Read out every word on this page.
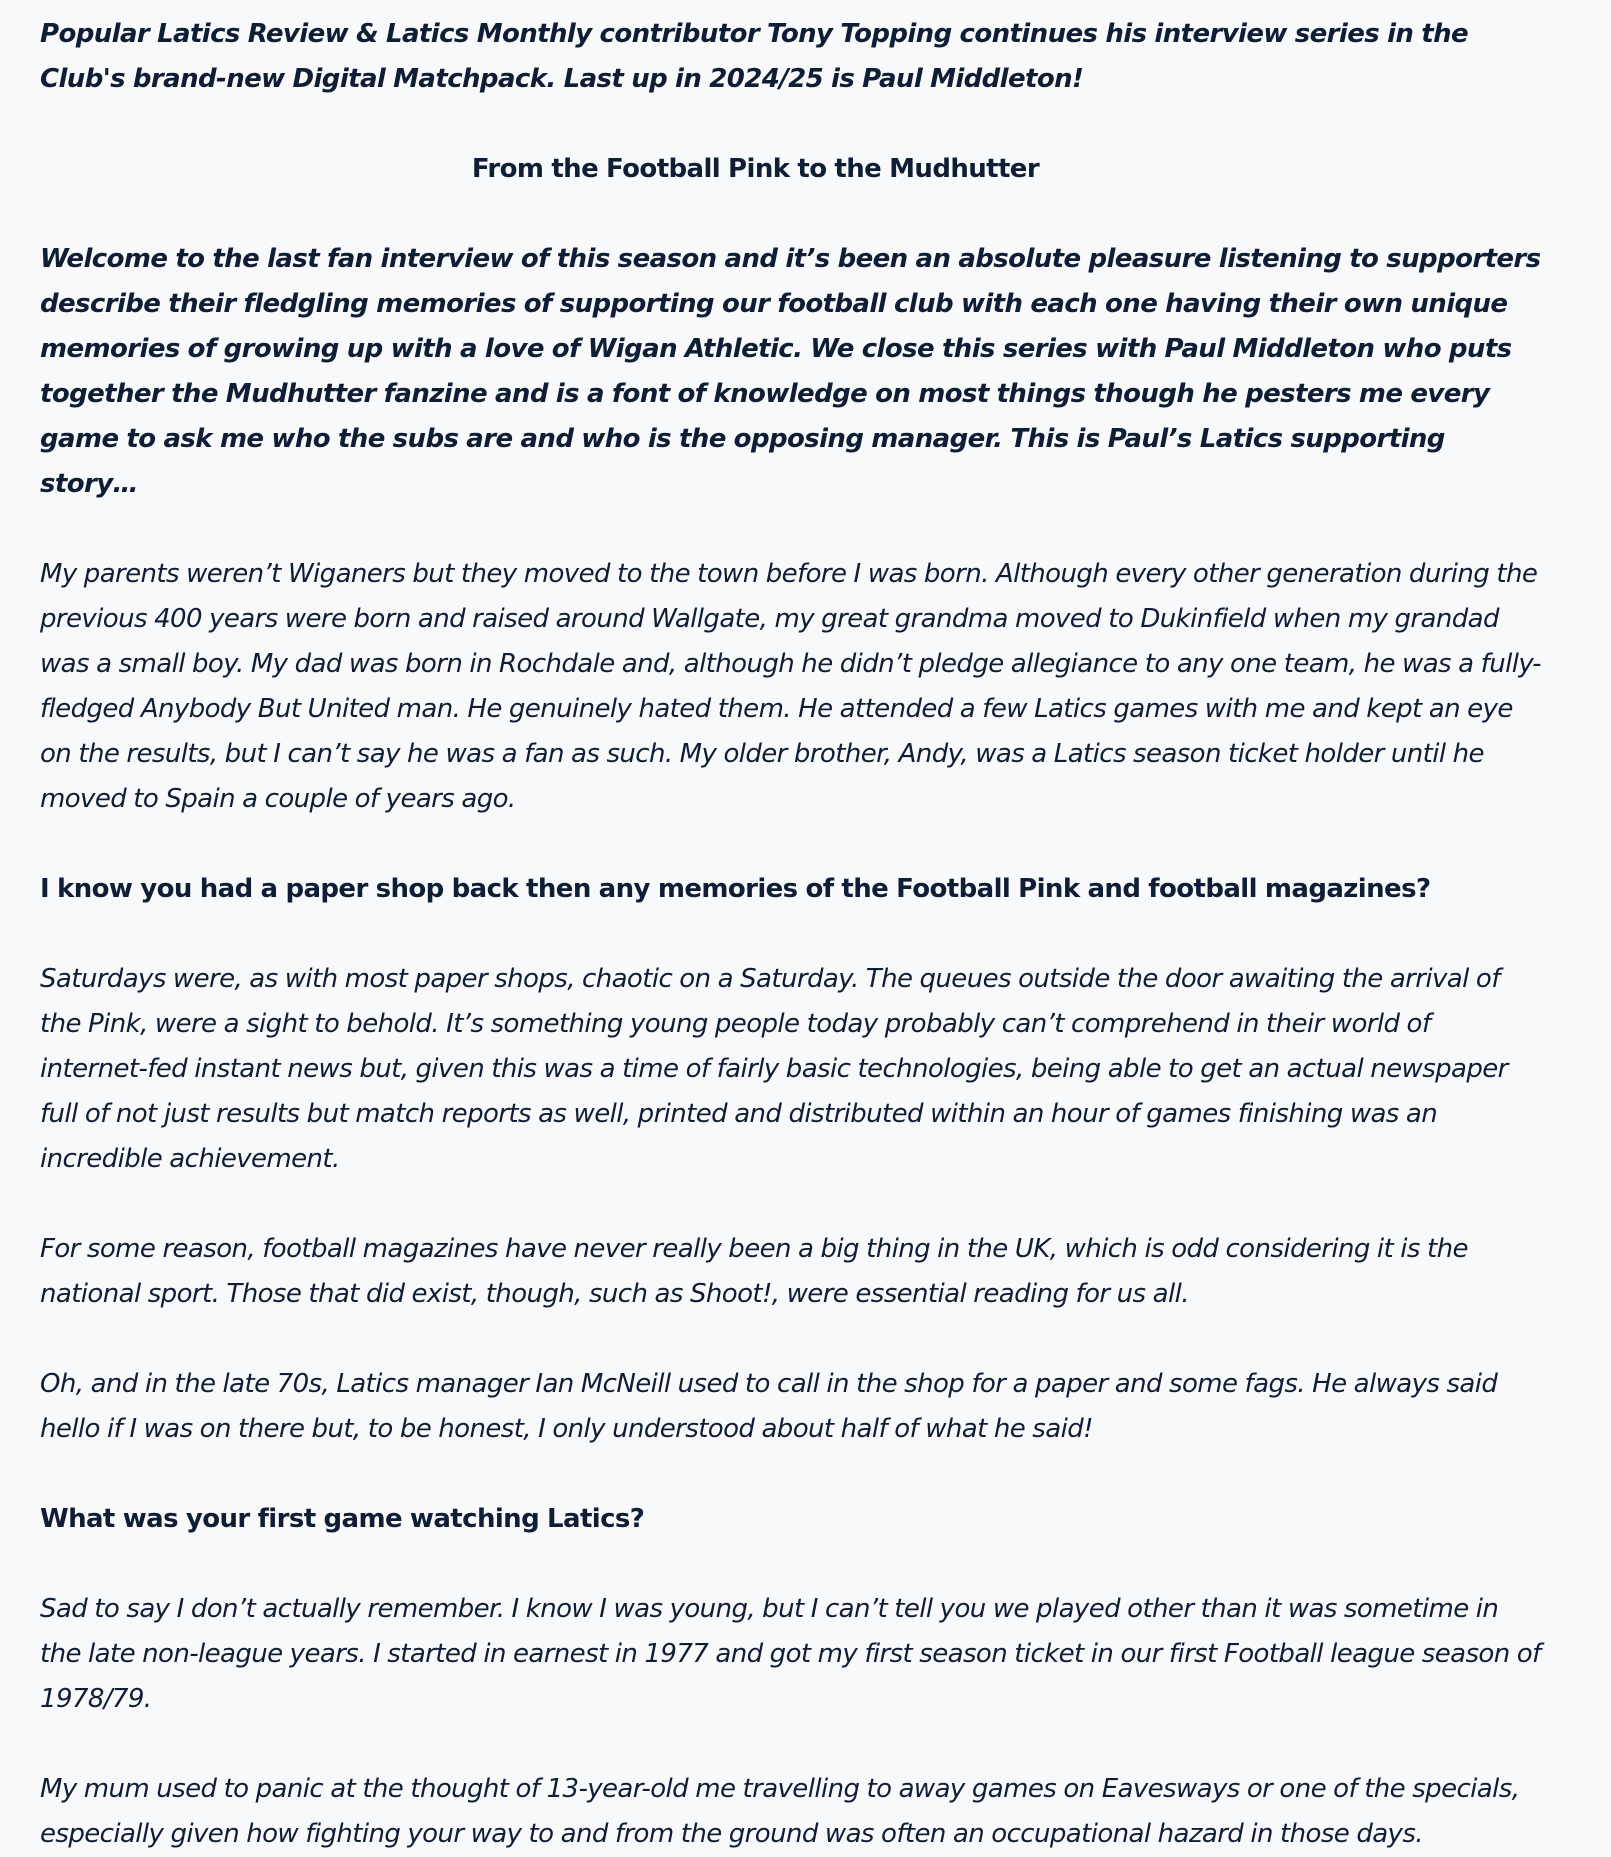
Popular Latics Review & Latics Monthly contributor Tony Topping continues his interview series in the Club's brand-new Digital Matchpack. Last up in 2024/25 is Paul Middleton!

From the Football Pink to the Mudhutter

Welcome to the last fan interview of this season and it’s been an absolute pleasure listening to supporters describe their fledgling memories of supporting our football club with each one having their own unique memories of growing up with a love of Wigan Athletic. We close this series with Paul Middleton who puts together the Mudhutter fanzine and is a font of knowledge on most things though he pesters me every game to ask me who the subs are and who is the opposing manager. This is Paul’s Latics supporting story…

My parents weren’t Wiganers but they moved to the town before I was born. Although every other generation during the previous 400 years were born and raised around Wallgate, my great grandma moved to Dukinfield when my grandad was a small boy. My dad was born in Rochdale and, although he didn’t pledge allegiance to any one team, he was a fully-fledged Anybody But United man. He genuinely hated them. He attended a few Latics games with me and kept an eye on the results, but I can’t say he was a fan as such. My older brother, Andy, was a Latics season ticket holder until he moved to Spain a couple of years ago.

I know you had a paper shop back then any memories of the Football Pink and football magazines?

Saturdays were, as with most paper shops, chaotic on a Saturday. The queues outside the door awaiting the arrival of the Pink, were a sight to behold. It’s something young people today probably can’t comprehend in their world of internet-fed instant news but, given this was a time of fairly basic technologies, being able to get an actual newspaper full of not just results but match reports as well, printed and distributed within an hour of games finishing was an incredible achievement.

For some reason, football magazines have never really been a big thing in the UK, which is odd considering it is the national sport. Those that did exist, though, such as Shoot!, were essential reading for us all.

Oh, and in the late 70s, Latics manager Ian McNeill used to call in the shop for a paper and some fags. He always said hello if I was on there but, to be honest, I only understood about half of what he said!

What was your first game watching Latics?

Sad to say I don’t actually remember. I know I was young, but I can’t tell you we played other than it was sometime in the late non-league years. I started in earnest in 1977 and got my first season ticket in our first Football league season of 1978/79.

My mum used to panic at the thought of 13-year-old me travelling to away games on Eavesways or one of the specials, especially given how fighting your way to and from the ground was often an occupational hazard in those days.
